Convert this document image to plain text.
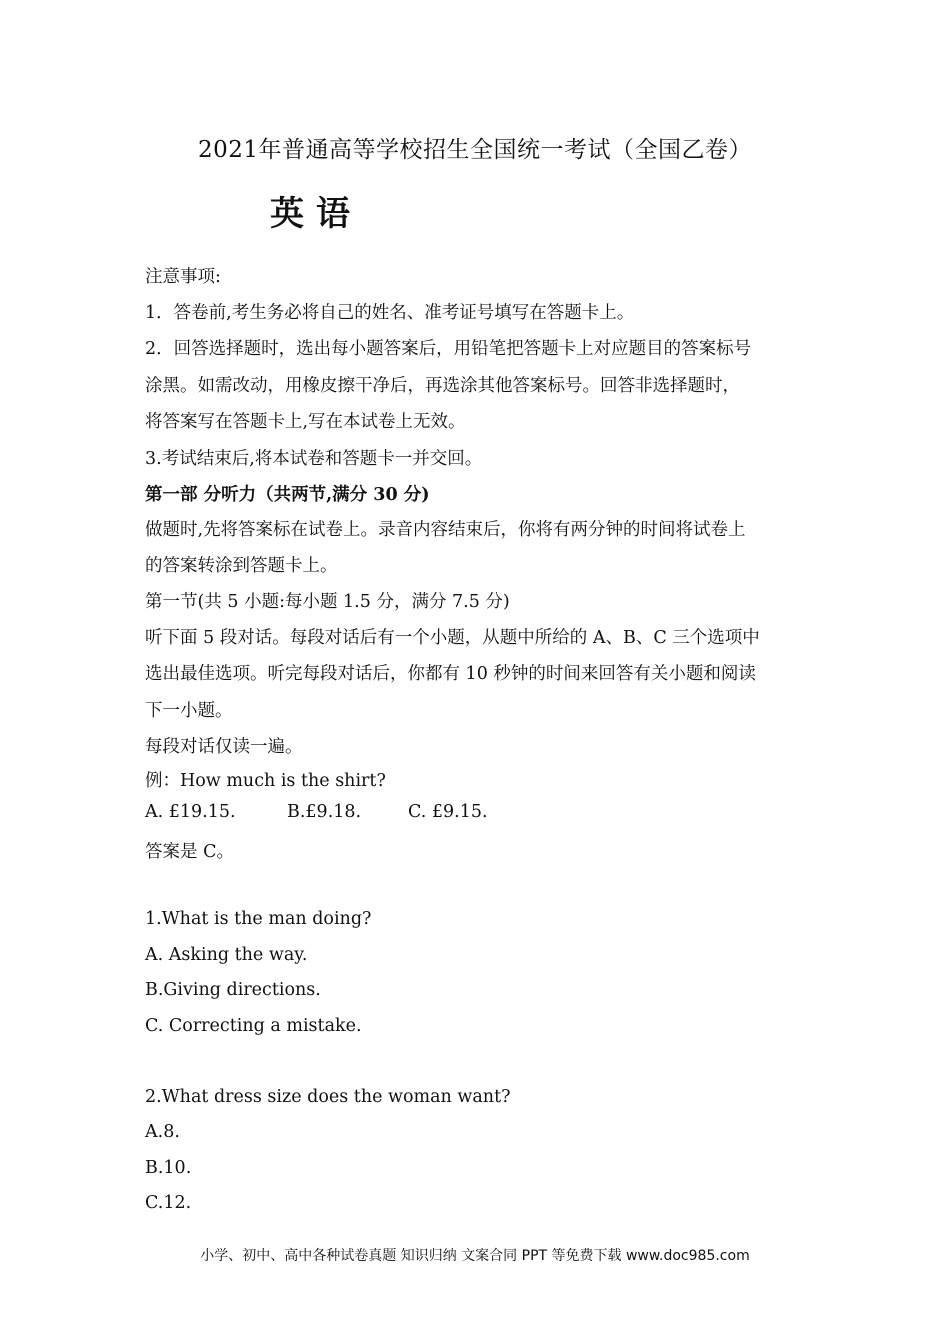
2021年普通高等学校招生全国统一考试（全国乙卷）
英语
注意事项:
1．答卷前,考生务必将自己的姓名、准考证号填写在答题卡上。
2．回答选择题时，选出每小题答案后，用铅笔把答题卡上对应题目的答案标号
涂黑。如需改动，用橡皮擦干净后，再选涂其他答案标号。回答非选择题时，
将答案写在答题卡上,写在本试卷上无效。
3.考试结束后,将本试卷和答题卡一并交回。
第一部 分听力（共两节,满分 30 分)
做题时,先将答案标在试卷上。录音内容结束后，你将有两分钟的时间将试卷上
的答案转涂到答题卡上。
第一节(共 5 小题:每小题 1.5 分，满分 7.5 分)
听下面 5 段对话。每段对话后有一个小题，从题中所给的 A、B、C 三个选项中
选出最佳选项。听完每段对话后，你都有 10 秒钟的时间来回答有关小题和阅读
下一小题。
每段对话仅读一遍。
例：How much is the shirt?
A. £19.15.	B.£9.18.	C. £9.15.
答案是 C。
1.What is the man doing?
A. Asking the way.
B.Giving directions.
C. Correcting a mistake.
2.What dress size does the woman want?
A.8.
B.10.
C.12.
小学、初中、高中各种试卷真题 知识归纳 文案合同 PPT 等免费下载 www.doc985.com
